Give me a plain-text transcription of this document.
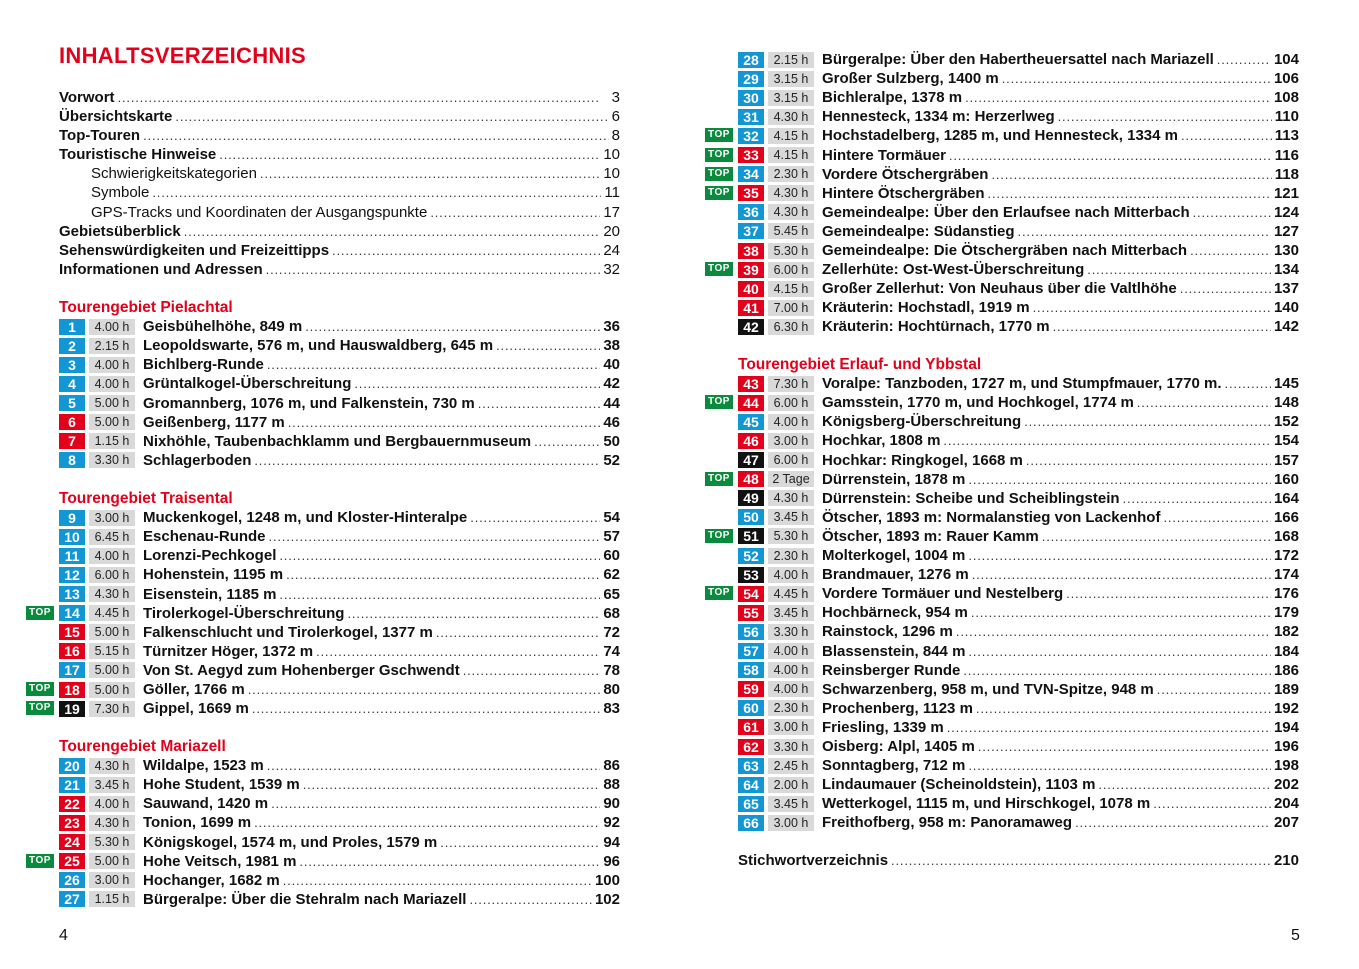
INHALTSVERZEICHNIS
Vorwort . . .	3
Übersichtskarte . . .	6
Top-Touren . . .	8
Touristische Hinweise . . .	10
Schwierigkeitskategorien . . .	10
Symbole . . .	11
GPS-Tracks und Koordinaten der Ausgangspunkte . . .	17
Gebietsüberblick . . .	20
Sehenswürdigkeiten und Freizeittipps . . .	24
Informationen und Adressen . . .	32
Tourengebiet Pielachtal
1	4.00 h Geisbühelhöhe, 849 m . . .	36
2	2.15 h Leopoldswarte, 576 m, und Hauswaldberg, 645 m . . .	38
3	4.00 h Bichlberg-Runde . . .	40
4	4.00 h Grüntalkogel-Überschreitung . . .	42
5	5.00 h Gromannberg, 1076 m, und Falkenstein, 730 m . . .	44
6	5.00 h Geißenberg, 1177 m . . .	46
7	1.15 h Nixhöhle, Taubenbachklamm und Bergbauernmuseum . . .	50
8	3.30 h Schlagerboden . . .	52
Tourengebiet Traisental
9	3.00 h Muckenkogel, 1248 m, und Kloster-Hinteralpe . . .	54
10	6.45 h Eschenau-Runde . . .	57
11	4.00 h Lorenzi-Pechkogel . . .	60
12	6.00 h Hohenstein, 1195 m . . .	62
13	4.30 h Eisenstein, 1185 m . . .	65
TOP 14	4.45 h Tirolerkogel-Überschreitung . . .	68
15	5.00 h Falkenschlucht und Tirolerkogel, 1377 m . . .	72
16	5.15 h Türnitzer Höger, 1372 m . . .	74
17	5.00 h Von St. Aegyd zum Hohenberger Gschwendt . . .	78
TOP 18	5.00 h Göller, 1766 m . . .	80
TOP 19	7.30 h Gippel, 1669 m . . .	83
Tourengebiet Mariazell
20	4.30 h Wildalpe, 1523 m . . .	86
21	3.45 h Hohe Student, 1539 m . . .	88
22	4.00 h Sauwand, 1420 m . . .	90
23	4.30 h Tonion, 1699 m . . .	92
24	5.30 h Königskogel, 1574 m, und Proles, 1579 m . . .	94
TOP 25	5.00 h Hohe Veitsch, 1981 m . . .	96
26	3.00 h Hochanger, 1682 m . . .	100
27	1.15 h Bürgeralpe: Über die Stehralm nach Mariazell . . .	102
4
28	2.15 h Bürgeralpe: Über den Habertheuersattel nach Mariazell . . .	104
29	3.15 h Großer Sulzberg, 1400 m . . .	106
30	3.15 h Bichleralpe, 1378 m . . .	108
31	4.30 h Hennesteck, 1334 m: Herzerlweg . . .	110
TOP 32	4.15 h Hochstadelberg, 1285 m, und Hennesteck, 1334 m . . .	113
TOP 33	4.15 h Hintere Tormäuer . . .	116
TOP 34	2.30 h Vordere Ötschergräben . . .	118
TOP 35	4.30 h Hintere Ötschergräben . . .	121
36	4.30 h Gemeindealpe: Über den Erlaufsee nach Mitterbach . . .	124
37	5.45 h Gemeindealpe: Südanstieg . . .	127
38	5.30 h Gemeindealpe: Die Ötschergräben nach Mitterbach . . .	130
TOP 39	6.00 h Zellerhüte: Ost-West-Überschreitung . . .	134
40	4.15 h Großer Zellerhut: Von Neuhaus über die Valtlhöhe . . .	137
41	7.00 h Kräuterin: Hochstadl, 1919 m . . .	140
42	6.30 h Kräuterin: Hochtürnach, 1770 m . . .	142
Tourengebiet Erlauf- und Ybbstal
43	7.30 h Voralpe: Tanzboden, 1727 m, und Stumpfmauer, 1770 m. . . .	145
TOP 44	6.00 h Gamsstein, 1770 m, und Hochkogel, 1774 m . . .	148
45	4.00 h Königsberg-Überschreitung . . .	152
46	3.00 h Hochkar, 1808 m . . .	154
47	6.00 h Hochkar: Ringkogel, 1668 m . . .	157
TOP 48	2 Tage Dürrenstein, 1878 m . . .	160
49	4.30 h Dürrenstein: Scheibe und Scheiblingstein . . .	164
50	3.45 h Ötscher, 1893 m: Normalanstieg von Lackenhof . . .	166
TOP 51	5.30 h Ötscher, 1893 m: Rauer Kamm . . .	168
52	2.30 h Molterkogel, 1004 m . . .	172
53	4.00 h Brandmauer, 1276 m . . .	174
TOP 54	4.45 h Vordere Tormäuer und Nestelberg . . .	176
55	3.45 h Hochbärneck, 954 m . . .	179
56	3.30 h Rainstock, 1296 m . . .	182
57	4.00 h Blassenstein, 844 m . . .	184
58	4.00 h Reinsberger Runde . . .	186
59	4.00 h Schwarzenberg, 958 m, und TVN-Spitze, 948 m . . .	189
60	2.30 h Prochenberg, 1123 m . . .	192
61	3.00 h Friesling, 1339 m . . .	194
62	3.30 h Oisberg: Alpl, 1405 m . . .	196
63	2.45 h Sonntagberg, 712 m . . .	198
64	2.00 h Lindaumauer (Scheinoldstein), 1103 m . . .	202
65	3.45 h Wetterkogel, 1115 m, und Hirschkogel, 1078 m . . .	204
66	3.00 h Freithofberg, 958 m: Panoramaweg . . .	207
Stichwortverzeichnis . . .	210
5
